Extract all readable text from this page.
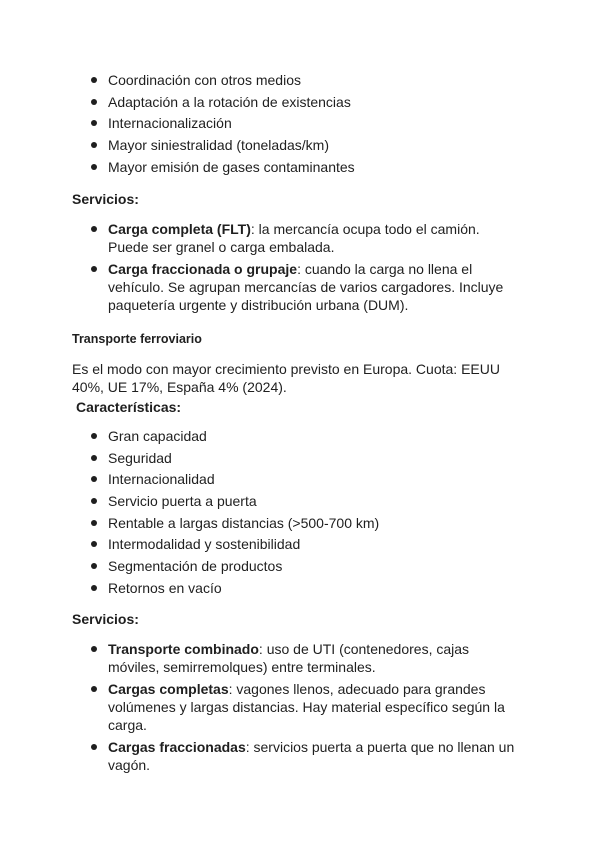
Coordinación con otros medios
Adaptación a la rotación de existencias
Internacionalización
Mayor siniestralidad (toneladas/km)
Mayor emisión de gases contaminantes
Servicios:
Carga completa (FLT): la mercancía ocupa todo el camión. Puede ser granel o carga embalada.
Carga fraccionada o grupaje: cuando la carga no llena el vehículo. Se agrupan mercancías de varios cargadores. Incluye paquetería urgente y distribución urbana (DUM).
Transporte ferroviario
Es el modo con mayor crecimiento previsto en Europa. Cuota: EEUU 40%, UE 17%, España 4% (2024).
Características:
Gran capacidad
Seguridad
Internacionalidad
Servicio puerta a puerta
Rentable a largas distancias (>500-700 km)
Intermodalidad y sostenibilidad
Segmentación de productos
Retornos en vacío
Servicios:
Transporte combinado: uso de UTI (contenedores, cajas móviles, semirremolques) entre terminales.
Cargas completas: vagones llenos, adecuado para grandes volúmenes y largas distancias. Hay material específico según la carga.
Cargas fraccionadas: servicios puerta a puerta que no llenan un vagón.
